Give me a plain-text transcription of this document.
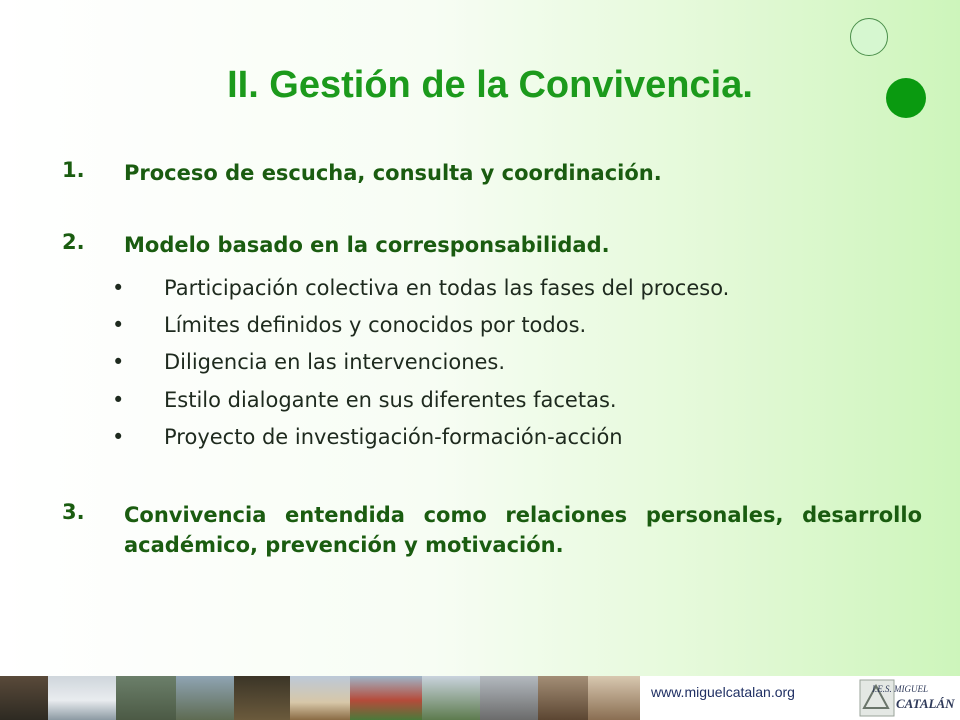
II. Gestión de la Convivencia.
1.	Proceso de escucha, consulta y coordinación.
2.	Modelo basado en la corresponsabilidad.
•	Participación colectiva en todas las fases del proceso.
•	Límites definidos y conocidos por todos.
•	Diligencia en las intervenciones.
•	Estilo dialogante en sus diferentes facetas.
•	Proyecto de investigación-formación-acción
3.	Convivencia entendida como relaciones personales, desarrollo académico, prevención y motivación.
www.miguelcatalan.org	I.E.S. MIGUEL
CATALÁN
